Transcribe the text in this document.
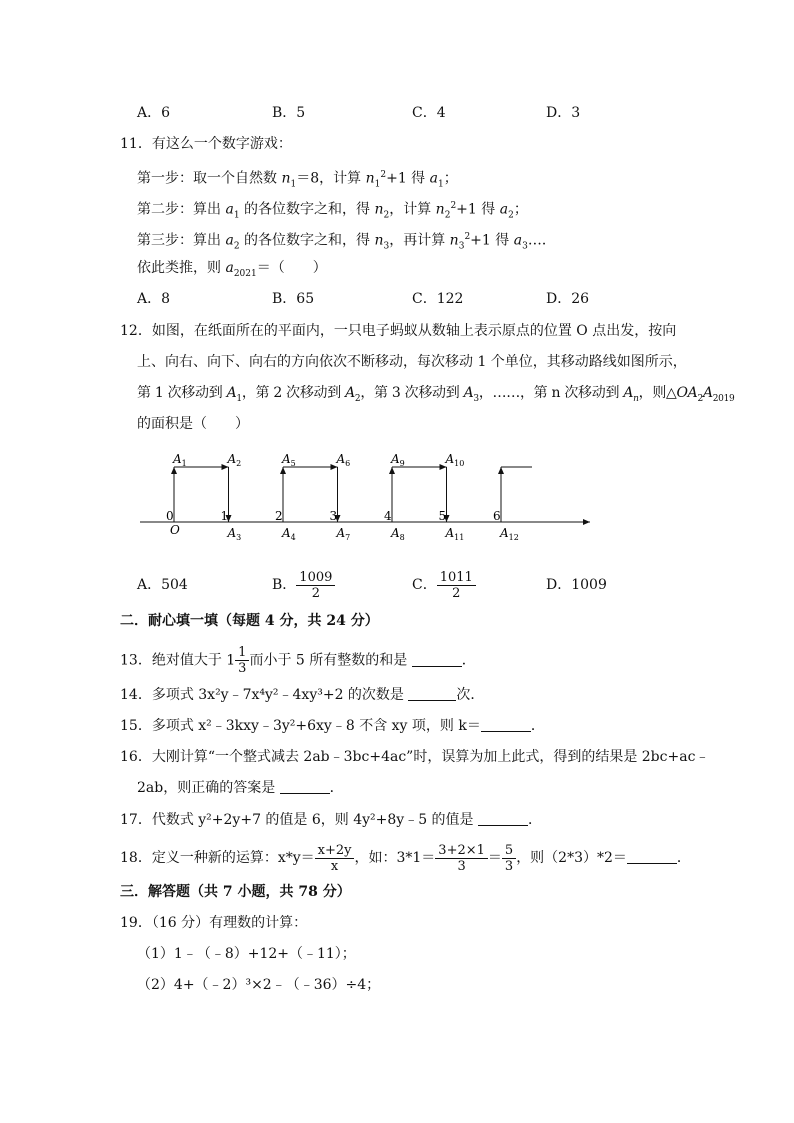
A．6	B．5	C．4	D．3
11．有这么一个数字游戏：
第一步：取一个自然数 $n_1=8$，计算 $n_1^2+1$ 得 $a_1$；
第二步：算出 $a_1$ 的各位数字之和，得 $n_2$，计算 $n_2^2+1$ 得 $a_2$；
第三步：算出 $a_2$ 的各位数字之和，得 $n_3$，再计算 $n_3^2+1$ 得 $a_3\dots$．
依此类推，则 $a_{2021}=$（　　）
A．8	B．65	C．122	D．26
12．如图，在纸面所在的平面内，一只电子蚂蚁从数轴上表示原点的位置 O 点出发，按向
上、向右、向下、向右的方向依次不断移动，每次移动 1 个单位，其移动路线如图所示，
第 1 次移动到 $A_1$，第 2 次移动到 $A_2$，第 3 次移动到 $A_3$，……，第 n 次移动到 $A_n$，则$\triangle OA_2A_{2019}$
的面积是（　　）
0	1	2	3	4	5	6
$A_1$	$A_2$
$A_3$	$A_4$
$A_5$	$A_6$
$A_7$	$A_8$
$A_9$	$A_{10}$
$A_{11}$	$A_{12}$
O
A．504	B． $\frac{1009}{2}$	C． $\frac{1011}{2}$	D．1009
二．耐心填一填（每题 4 分，共 24 分）
13．绝对值大于 $1 \frac{1}{3}$ 而小于 5 所有整数的和是	．
14．多项式 3x²y﹣7x⁴y²﹣4xy³+2 的次数是	次．
15．多项式 x²﹣3kxy﹣3y²+6xy﹣8 不含 xy 项，则 k＝	．
16．大刚计算“一个整式减去 2ab﹣3bc+4ac”时，误算为加上此式，得到的结果是 2bc+ac﹣
2ab，则正确的答案是	．
17．代数式 y²+2y+7 的值是 6，则 4y²+8y﹣5 的值是	．
18．定义一种新的运算：$x*y= \frac{x+2y}{x}$ ，如：$3*1= \frac{3+2\times 1}{3} = \frac{5}{3}$ ，则（2*3）*2＝	．
三．解答题（共 7 小题，共 78 分）
19．（16 分）有理数的计算：
（1）1﹣（﹣8）+12+（﹣11）；
（2）4+（﹣2）³×2﹣（﹣36）÷4；
